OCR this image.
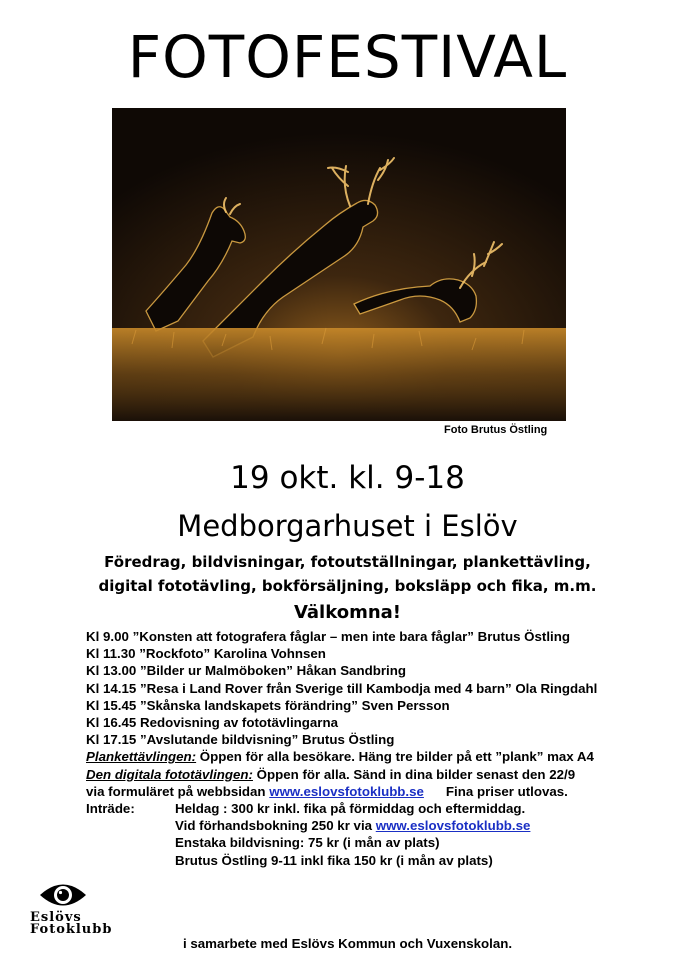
FOTOFESTIVAL
Foto Brutus Östling
19 okt. kl. 9-18
Medborgarhuset i Eslöv
Föredrag, bildvisningar, fotoutställningar, plankettävling,
digital fototävling, bokförsäljning, boksläpp och fika, m.m.
Välkomna!
Kl 9.00 ”Konsten att fotografera fåglar – men inte bara fåglar” Brutus Östling
Kl 11.30 ”Rockfoto” Karolina Vohnsen
Kl 13.00 ”Bilder ur Malmöboken” Håkan Sandbring
Kl 14.15 ”Resa i Land Rover från Sverige till Kambodja med 4 barn” Ola Ringdahl
Kl 15.45 ”Skånska landskapets förändring” Sven Persson
Kl 16.45 Redovisning av fototävlingarna
Kl 17.15 ”Avslutande bildvisning” Brutus Östling
Plankettävlingen: Öppen för alla besökare. Häng tre bilder på ett ”plank” max A4
Den digitala fototävlingen: Öppen för alla. Sänd in dina bilder senast den 22/9
via formuläret på webbsidan www.eslovsfotoklubb.se Fina priser utlovas.
Inträde:	Heldag : 300 kr inkl. fika på förmiddag och eftermiddag.
Vid förhandsbokning 250 kr via www.eslovsfotoklubb.se
Enstaka bildvisning: 75 kr (i mån av plats)
Brutus Östling 9-11 inkl fika 150 kr (i mån av plats)
Eslövs
Fotoklubb
i samarbete med Eslövs Kommun och Vuxenskolan.
